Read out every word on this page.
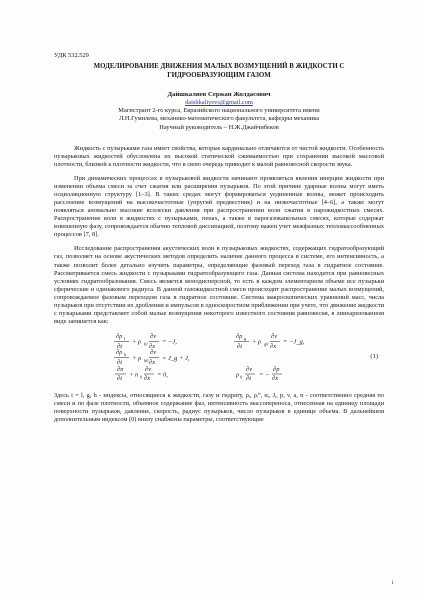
УДК 532.529
МОДЕЛИРОВАНИЕ ДВИЖЕНИЯ МАЛЫХ ВОЗМУЩЕНИЙ В ЖИДКОСТИ С
ГИДРООБРАЗУЮЩИМ ГАЗОМ
Дайшкалиев Сержан Жолдасович
daishkaliyevs@gmail.com
Магистрант 2-го курса, Евразийского национального университета имени
Л.Н.Гумилева, механико-математического факультета, кафедры механика
Научный руководитель – Н.Ж.Джайчибеков

Жидкость с пузырьками газа имеет свойства, которые кардинально отличаются от чистой жидкости. Особенность пузырьковых жидкостей обусловлена их высокой статической сжимаемостью при сохранении высокой массовой плотности, близкой к плотности жидкости, что в свою очередь приводит к малой равновесной скорости звука.

При динамических процессах в пузырьковой жидкости начинают проявляться явления инерции жидкости при изменении объема смеси за счет сжатия или расширения пузырьков. По этой причине ударные волны могут иметь осцилляционную структуру [1–3]. В таких средах могут формироваться уединенные волны, может происходить расслоение возмущений на высокочастотные (упругий предвестник) и на низкочастотные [4–6], а также могут появляться аномально высокие всплески давления при распространении волн сжатия в парожидкостных смесях. Распространение волн в жидкостях с пузырьками, пенах, а также в парогазокапельных смесях, которые содержат взвешенную фазу, сопровождается обычно тепловой диссипацией, поэтому важен учет межфазных тепломассообменных процессов [7, 8].

Исследование распространения акустических волн в пузырьковых жидкостях, содержащих гидратообразующий газ, позволяет на основе акустических методов определить наличие данного процесса в системе, его интенсивность, а также позволит более детально изучить параметры, определяющие фазовый переход газа в гидратное состояние. Рассматривается смесь жидкости с пузырьками гидратообразующего газа. Данная система находится при равновесных условиях гидратообразования. Смесь является монодисперсной, то есть в каждом элементарном объеме все пузырьки сферические и одинакового радиуса. В данной газожидкостной смеси происходит распространение малых возмущений, сопровождаемое фазовым переходом газа в гидратное состояние. Система макроскопических уравнений масс, числа пузырьков при отсутствии их дробления и импульсов в односкоростном приближении при учете, что движение жидкости с пузырьками представляет собой малые возмущения некоторого известного состояния равновесия, в линеаризованном виде запишется как:

∂ρ l
∂t
+ ρ l0
∂v
∂x
= −J,
∂ρ g
∂t
+ ρ g0
∂v
∂x
= −J_g,
∂ρ h
∂t
+ ρ h0
∂v
∂x
= J_g + J,
∂n
∂t + n 0
∂v
∂x = 0,	ρ 0
∂v
∂t = −
∂p
∂x
(1)

Здесь i = l, g, h - индексы, относящиеся к жидкости, газу и гидрату, ρᵢ, ρᵢ⁰, αᵢ, Jᵢ, p, v, a, n - соответственно средняя по смеси и по фазе плотности, объемное содержание фаз, интенсивность массопереноса, отнесенная на единицу площади поверхности пузырьков, давление, скорость, радиус пузырьков, число пузырьков в единице объема. В дальнейшем дополнительным индексом (0) внизу снабжены параметры, соответствующие

1
